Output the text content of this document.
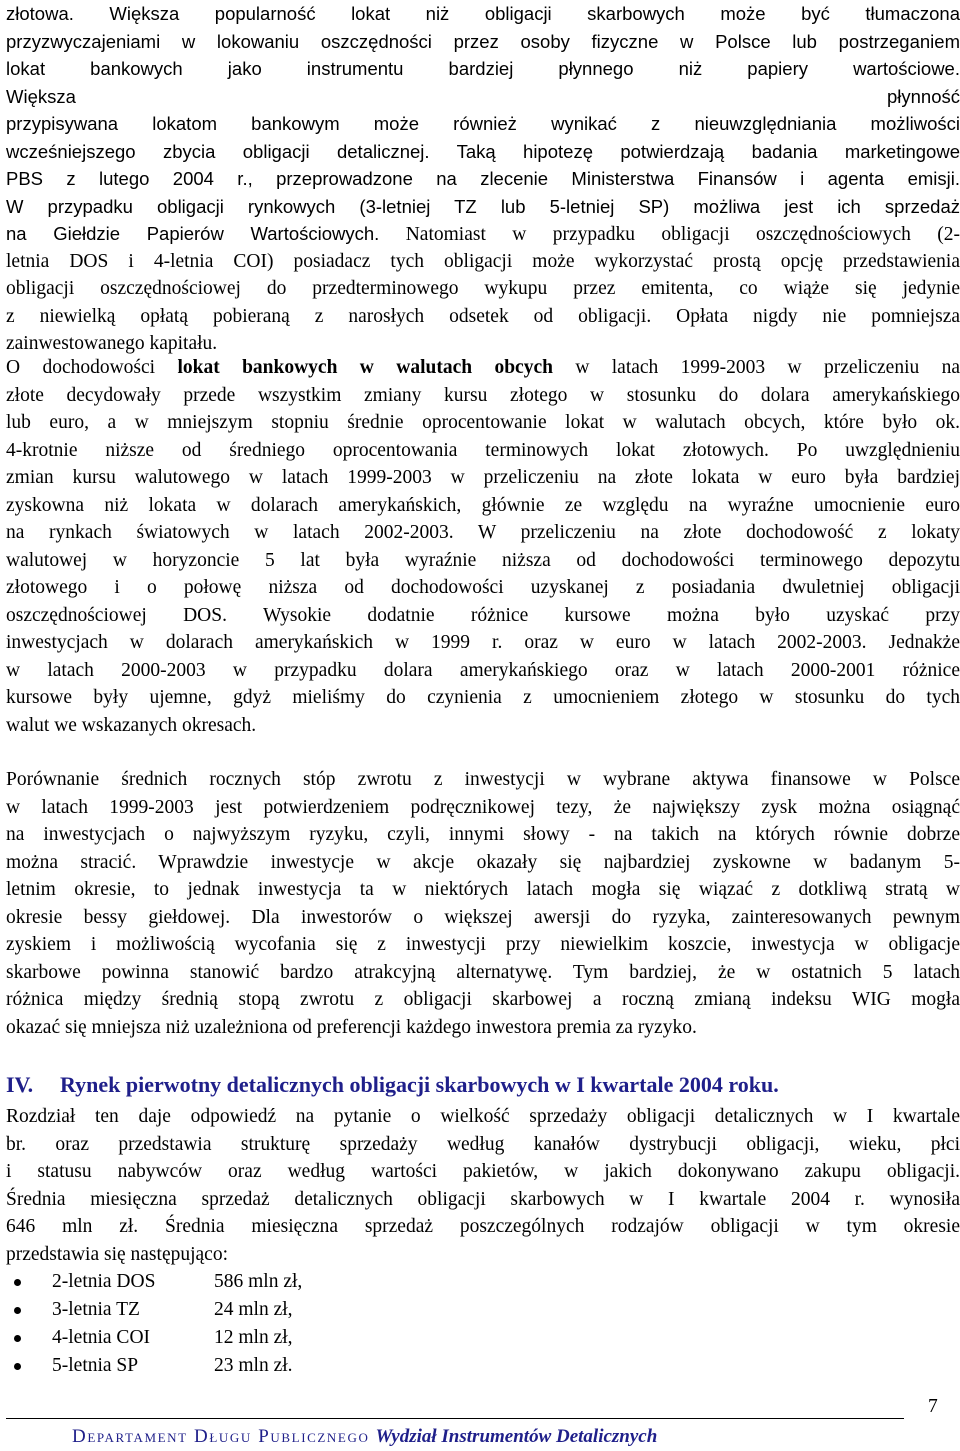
złotowa. Większa popularność lokat niż obligacji skarbowych może być tłumaczona
przyzwyczajeniami w lokowaniu oszczędności przez osoby fizyczne w Polsce lub postrzeganiem
lokat bankowych jako instrumentu bardziej płynnego niż papiery wartościowe.
Większa płynność
przypisywana lokatom bankowym może również wynikać z nieuwzględniania możliwości
wcześniejszego zbycia obligacji detalicznej. Taką hipotezę potwierdzają badania marketingowe
PBS z lutego 2004 r., przeprowadzone na zlecenie Ministerstwa Finansów i agenta emisji.
W przypadku obligacji rynkowych (3-letniej TZ lub 5-letniej SP) możliwa jest ich sprzedaż
na Giełdzie Papierów Wartościowych. Natomiast w przypadku obligacji oszczędnościowych (2-
letnia DOS i 4-letnia COI) posiadacz tych obligacji może wykorzystać prostą opcję przedstawienia
obligacji oszczędnościowej do przedterminowego wykupu przez emitenta, co wiąże się jedynie
z niewielką opłatą pobieraną z narosłych odsetek od obligacji. Opłata nigdy nie pomniejsza
zainwestowanego kapitału.
O dochodowości lokat bankowych w walutach obcych w latach 1999-2003 w przeliczeniu na
złote decydowały przede wszystkim zmiany kursu złotego w stosunku do dolara amerykańskiego
lub euro, a w mniejszym stopniu średnie oprocentowanie lokat w walutach obcych, które było ok.
4-krotnie niższe od średniego oprocentowania terminowych lokat złotowych. Po uwzględnieniu
zmian kursu walutowego w latach 1999-2003 w przeliczeniu na złote lokata w euro była bardziej
zyskowna niż lokata w dolarach amerykańskich, głównie ze względu na wyraźne umocnienie euro
na rynkach światowych w latach 2002-2003. W przeliczeniu na złote dochodowość z lokaty
walutowej w horyzoncie 5 lat była wyraźnie niższa od dochodowości terminowego depozytu
złotowego i o połowę niższa od dochodowości uzyskanej z posiadania dwuletniej obligacji
oszczędnościowej DOS. Wysokie dodatnie różnice kursowe można było uzyskać przy
inwestycjach w dolarach amerykańskich w 1999 r. oraz w euro w latach 2002-2003. Jednakże
w latach 2000-2003 w przypadku dolara amerykańskiego oraz w latach 2000-2001 różnice
kursowe były ujemne, gdyż mieliśmy do czynienia z umocnieniem złotego w stosunku do tych
walut we wskazanych okresach.
Porównanie średnich rocznych stóp zwrotu z inwestycji w wybrane aktywa finansowe w Polsce
w latach 1999-2003 jest potwierdzeniem podręcznikowej tezy, że największy zysk można osiągnąć
na inwestycjach o najwyższym ryzyku, czyli, innymi słowy - na takich na których równie dobrze
można stracić. Wprawdzie inwestycje w akcje okazały się najbardziej zyskowne w badanym 5-
letnim okresie, to jednak inwestycja ta w niektórych latach mogła się wiązać z dotkliwą stratą w
okresie bessy giełdowej. Dla inwestorów o większej awersji do ryzyka, zainteresowanych pewnym
zyskiem i możliwością wycofania się z inwestycji przy niewielkim koszcie, inwestycja w obligacje
skarbowe powinna stanowić bardzo atrakcyjną alternatywę. Tym bardziej, że w ostatnich 5 latach
różnica między średnią stopą zwrotu z obligacji skarbowej a roczną zmianą indeksu WIG mogła
okazać się mniejsza niż uzależniona od preferencji każdego inwestora premia za ryzyko.
IV. Rynek pierwotny detalicznych obligacji skarbowych w I kwartale 2004 roku.
Rozdział ten daje odpowiedź na pytanie o wielkość sprzedaży obligacji detalicznych w I kwartale
br. oraz przedstawia strukturę sprzedaży według kanałów dystrybucji obligacji, wieku, płci
i statusu nabywców oraz według wartości pakietów, w jakich dokonywano zakupu obligacji.
Średnia miesięczna sprzedaż detalicznych obligacji skarbowych w I kwartale 2004 r. wynosiła
646 mln zł. Średnia miesięczna sprzedaż poszczególnych rodzajów obligacji w tym okresie
przedstawia się następująco:
2-letnia DOS	586 mln zł,
3-letnia TZ	24 mln zł,
4-letnia COI	12 mln zł,
5-letnia SP	23 mln zł.
Departament Długu Publicznego Wydział Instrumentów Detalicznych
7
